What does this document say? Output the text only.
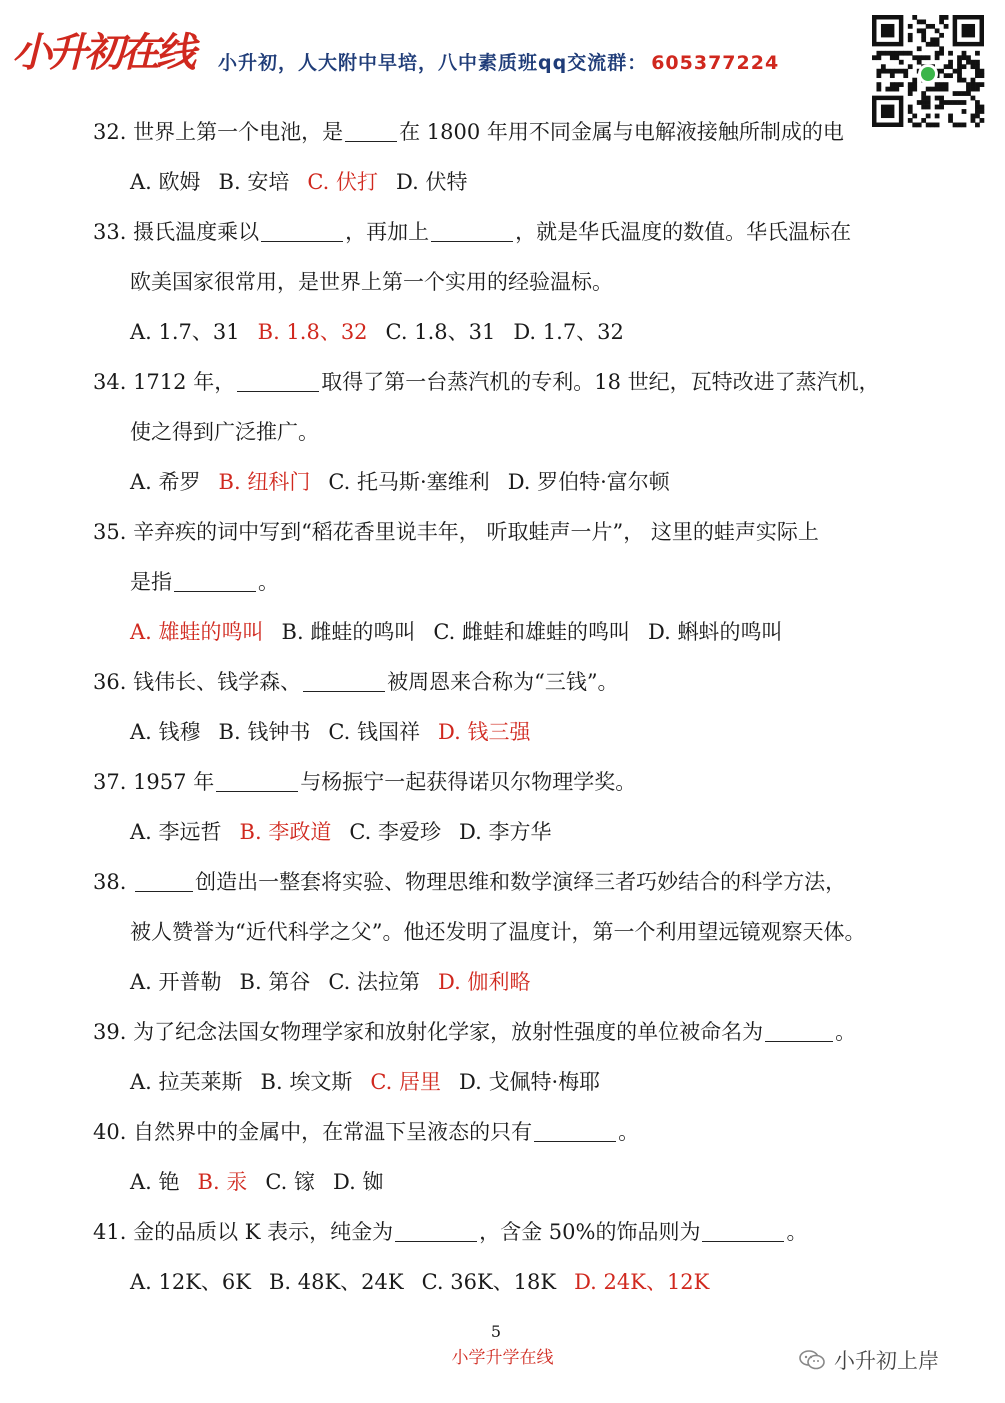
小升初在线	小升初，人大附中早培，八中素质班qq交流群： 605377224
32. 世界上第一个电池，是	在 1800 年用不同金属与电解液接触所制成的电
A. 欧姆 B. 安培 C. 伏打 D. 伏特
33. 摄氏温度乘以	，再加上	，就是华氏温度的数值。华氏温标在
欧美国家很常用，是世界上第一个实用的经验温标。
A. 1.7、31 B. 1.8、32 C. 1.8、31 D. 1.7、32
34. 1712 年，	取得了第一台蒸汽机的专利。18 世纪，瓦特改进了蒸汽机，
使之得到广泛推广。
A. 希罗 B. 纽科门 C. 托马斯·塞维利 D. 罗伯特·富尔顿
35. 辛弃疾的词中写到“稻花香里说丰年， 听取蛙声一片”， 这里的蛙声实际上
是指	。
A. 雄蛙的鸣叫 B. 雌蛙的鸣叫 C. 雌蛙和雄蛙的鸣叫 D. 蝌蚪的鸣叫
36. 钱伟长、钱学森、	被周恩来合称为“三钱”。
A. 钱穆 B. 钱钟书 C. 钱国祥 D. 钱三强
37. 1957 年	与杨振宁一起获得诺贝尔物理学奖。
A. 李远哲 B. 李政道 C. 李爱珍 D. 李方华
38.	创造出一整套将实验、物理思维和数学演绎三者巧妙结合的科学方法，
被人赞誉为“近代科学之父”。他还发明了温度计，第一个利用望远镜观察天体。
A. 开普勒 B. 第谷 C. 法拉第 D. 伽利略
39. 为了纪念法国女物理学家和放射化学家，放射性强度的单位被命名为	。
A. 拉芙莱斯 B. 埃文斯 C. 居里 D. 戈佩特·梅耶
40. 自然界中的金属中，在常温下呈液态的只有	。
A. 铯 B. 汞 C. 镓 D. 铷
41. 金的品质以 K 表示，纯金为	，含金 50%的饰品则为	。
A. 12K、6K B. 48K、24K C. 36K、18K D. 24K、12K
5
小学升学在线	小升初上岸
